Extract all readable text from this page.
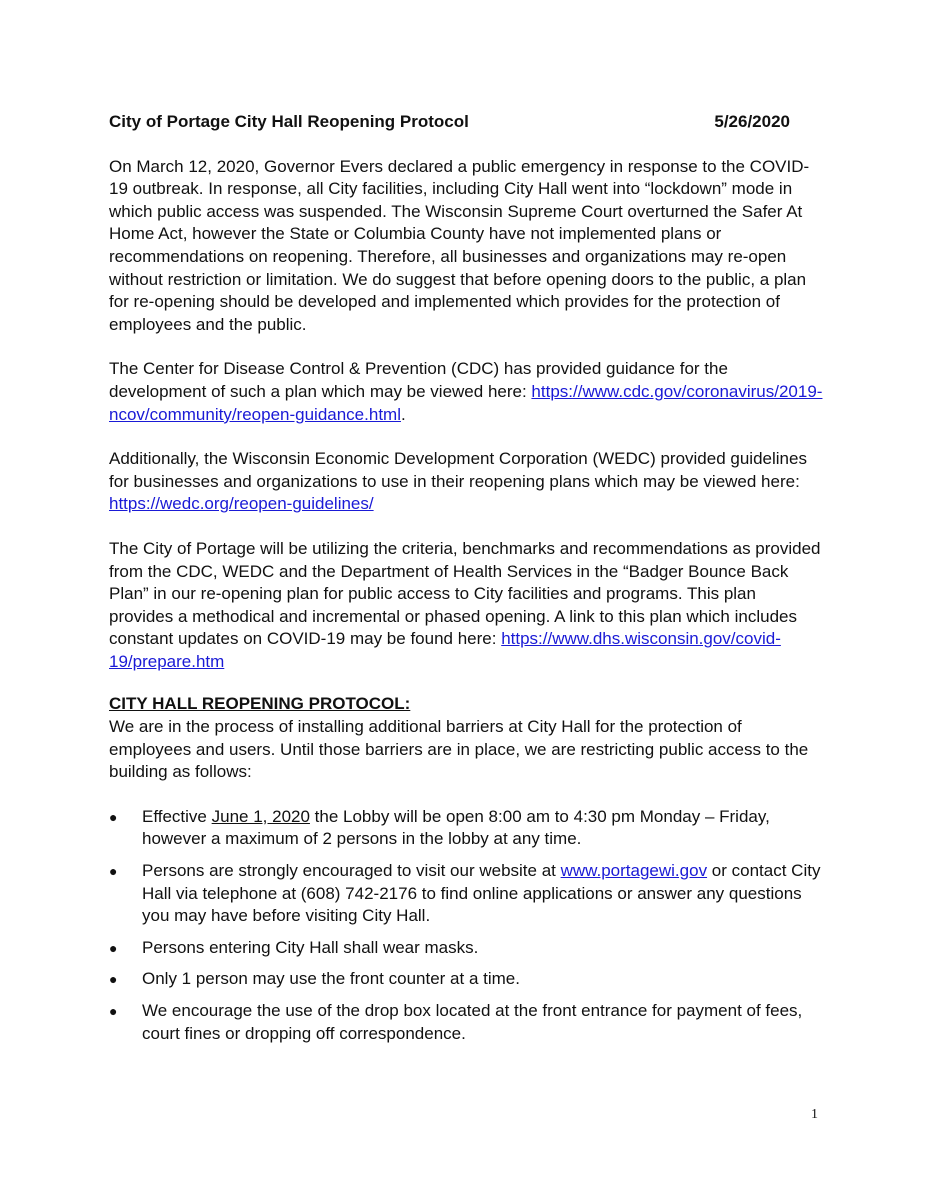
City of Portage City Hall Reopening Protocol	5/26/2020

On March 12, 2020, Governor Evers declared a public emergency in response to the COVID-19 outbreak. In response, all City facilities, including City Hall went into “lockdown” mode in which public access was suspended. The Wisconsin Supreme Court overturned the Safer At Home Act, however the State or Columbia County have not implemented plans or recommendations on reopening. Therefore, all businesses and organizations may re-open without restriction or limitation. We do suggest that before opening doors to the public, a plan for re-opening should be developed and implemented which provides for the protection of employees and the public.

The Center for Disease Control & Prevention (CDC) has provided guidance for the development of such a plan which may be viewed here: https://www.cdc.gov/coronavirus/2019-ncov/community/reopen-guidance.html.

Additionally, the Wisconsin Economic Development Corporation (WEDC) provided guidelines for businesses and organizations to use in their reopening plans which may be viewed here: https://wedc.org/reopen-guidelines/

The City of Portage will be utilizing the criteria, benchmarks and recommendations as provided from the CDC, WEDC and the Department of Health Services in the “Badger Bounce Back Plan” in our re-opening plan for public access to City facilities and programs. This plan provides a methodical and incremental or phased opening. A link to this plan which includes constant updates on COVID-19 may be found here: https://www.dhs.wisconsin.gov/covid-19/prepare.htm

CITY HALL REOPENING PROTOCOL:

We are in the process of installing additional barriers at City Hall for the protection of employees and users. Until those barriers are in place, we are restricting public access to the building as follows:

● Effective June 1, 2020 the Lobby will be open 8:00 am to 4:30 pm Monday – Friday, however a maximum of 2 persons in the lobby at any time.
● Persons are strongly encouraged to visit our website at www.portagewi.gov or contact City Hall via telephone at (608) 742-2176 to find online applications or answer any questions you may have before visiting City Hall.
● Persons entering City Hall shall wear masks.
● Only 1 person may use the front counter at a time.
● We encourage the use of the drop box located at the front entrance for payment of fees, court fines or dropping off correspondence.
1
